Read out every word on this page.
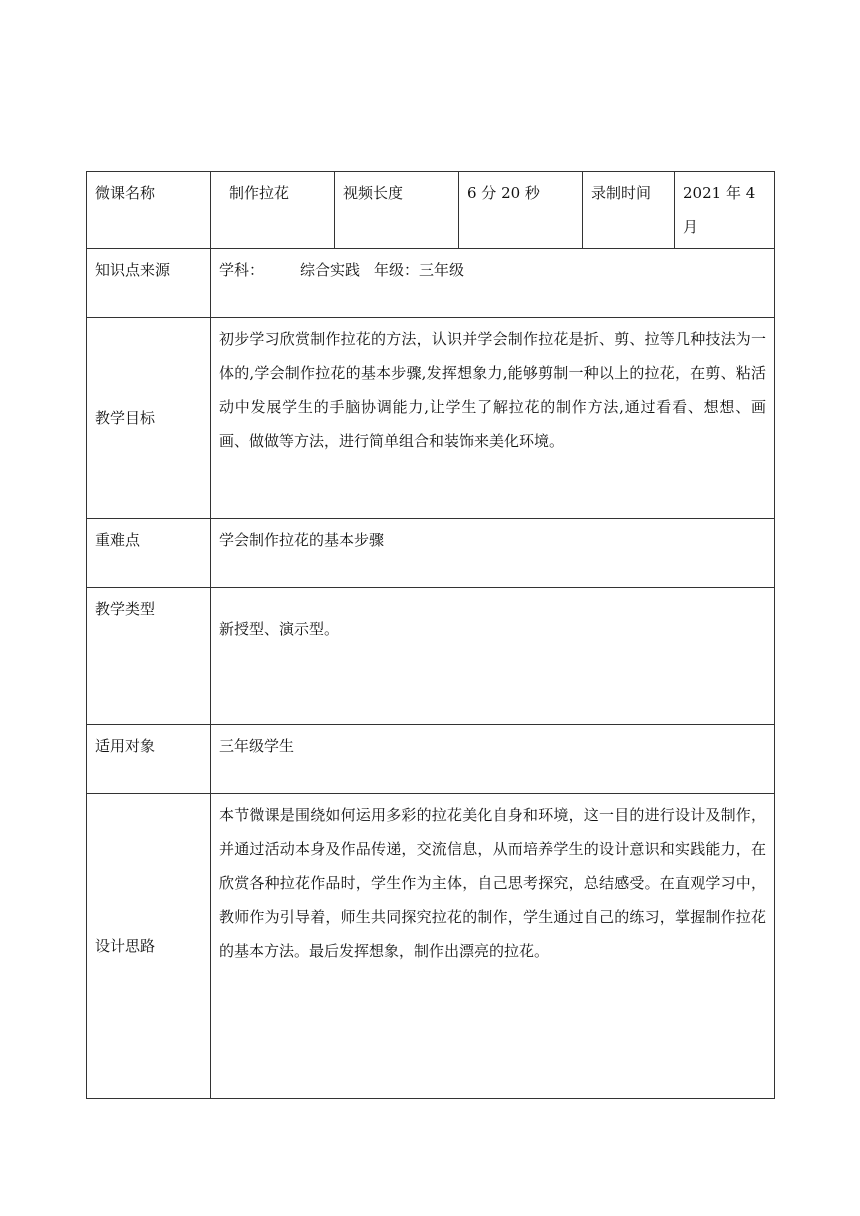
微课名称	制作拉花	视频长度	6 分 20 秒	录制时间	2021 年 4 月
知识点来源	学科： 综合实践 年级：三年级				
教学目标	初步学习欣赏制作拉花的方法，认识并学会制作拉花是折、剪、拉等几种技法为一体的,学会制作拉花的基本步骤,发挥想象力,能够剪制一种以上的拉花，在剪、粘活动中发展学生的手脑协调能力,让学生了解拉花的制作方法,通过看看、想想、画画、做做等方法，进行简单组合和装饰来美化环境。				
重难点	学会制作拉花的基本步骤				
教学类型	新授型、演示型。				

适用对象	三年级学生				
设计思路	本节微课是围绕如何运用多彩的拉花美化自身和环境，这一目的进行设计及制作，并通过活动本身及作品传递，交流信息，从而培养学生的设计意识和实践能力，在欣赏各种拉花作品时，学生作为主体，自己思考探究，总结感受。在直观学习中，教师作为引导着，师生共同探究拉花的制作，学生通过自己的练习，掌握制作拉花的基本方法。最后发挥想象，制作出漂亮的拉花。				
